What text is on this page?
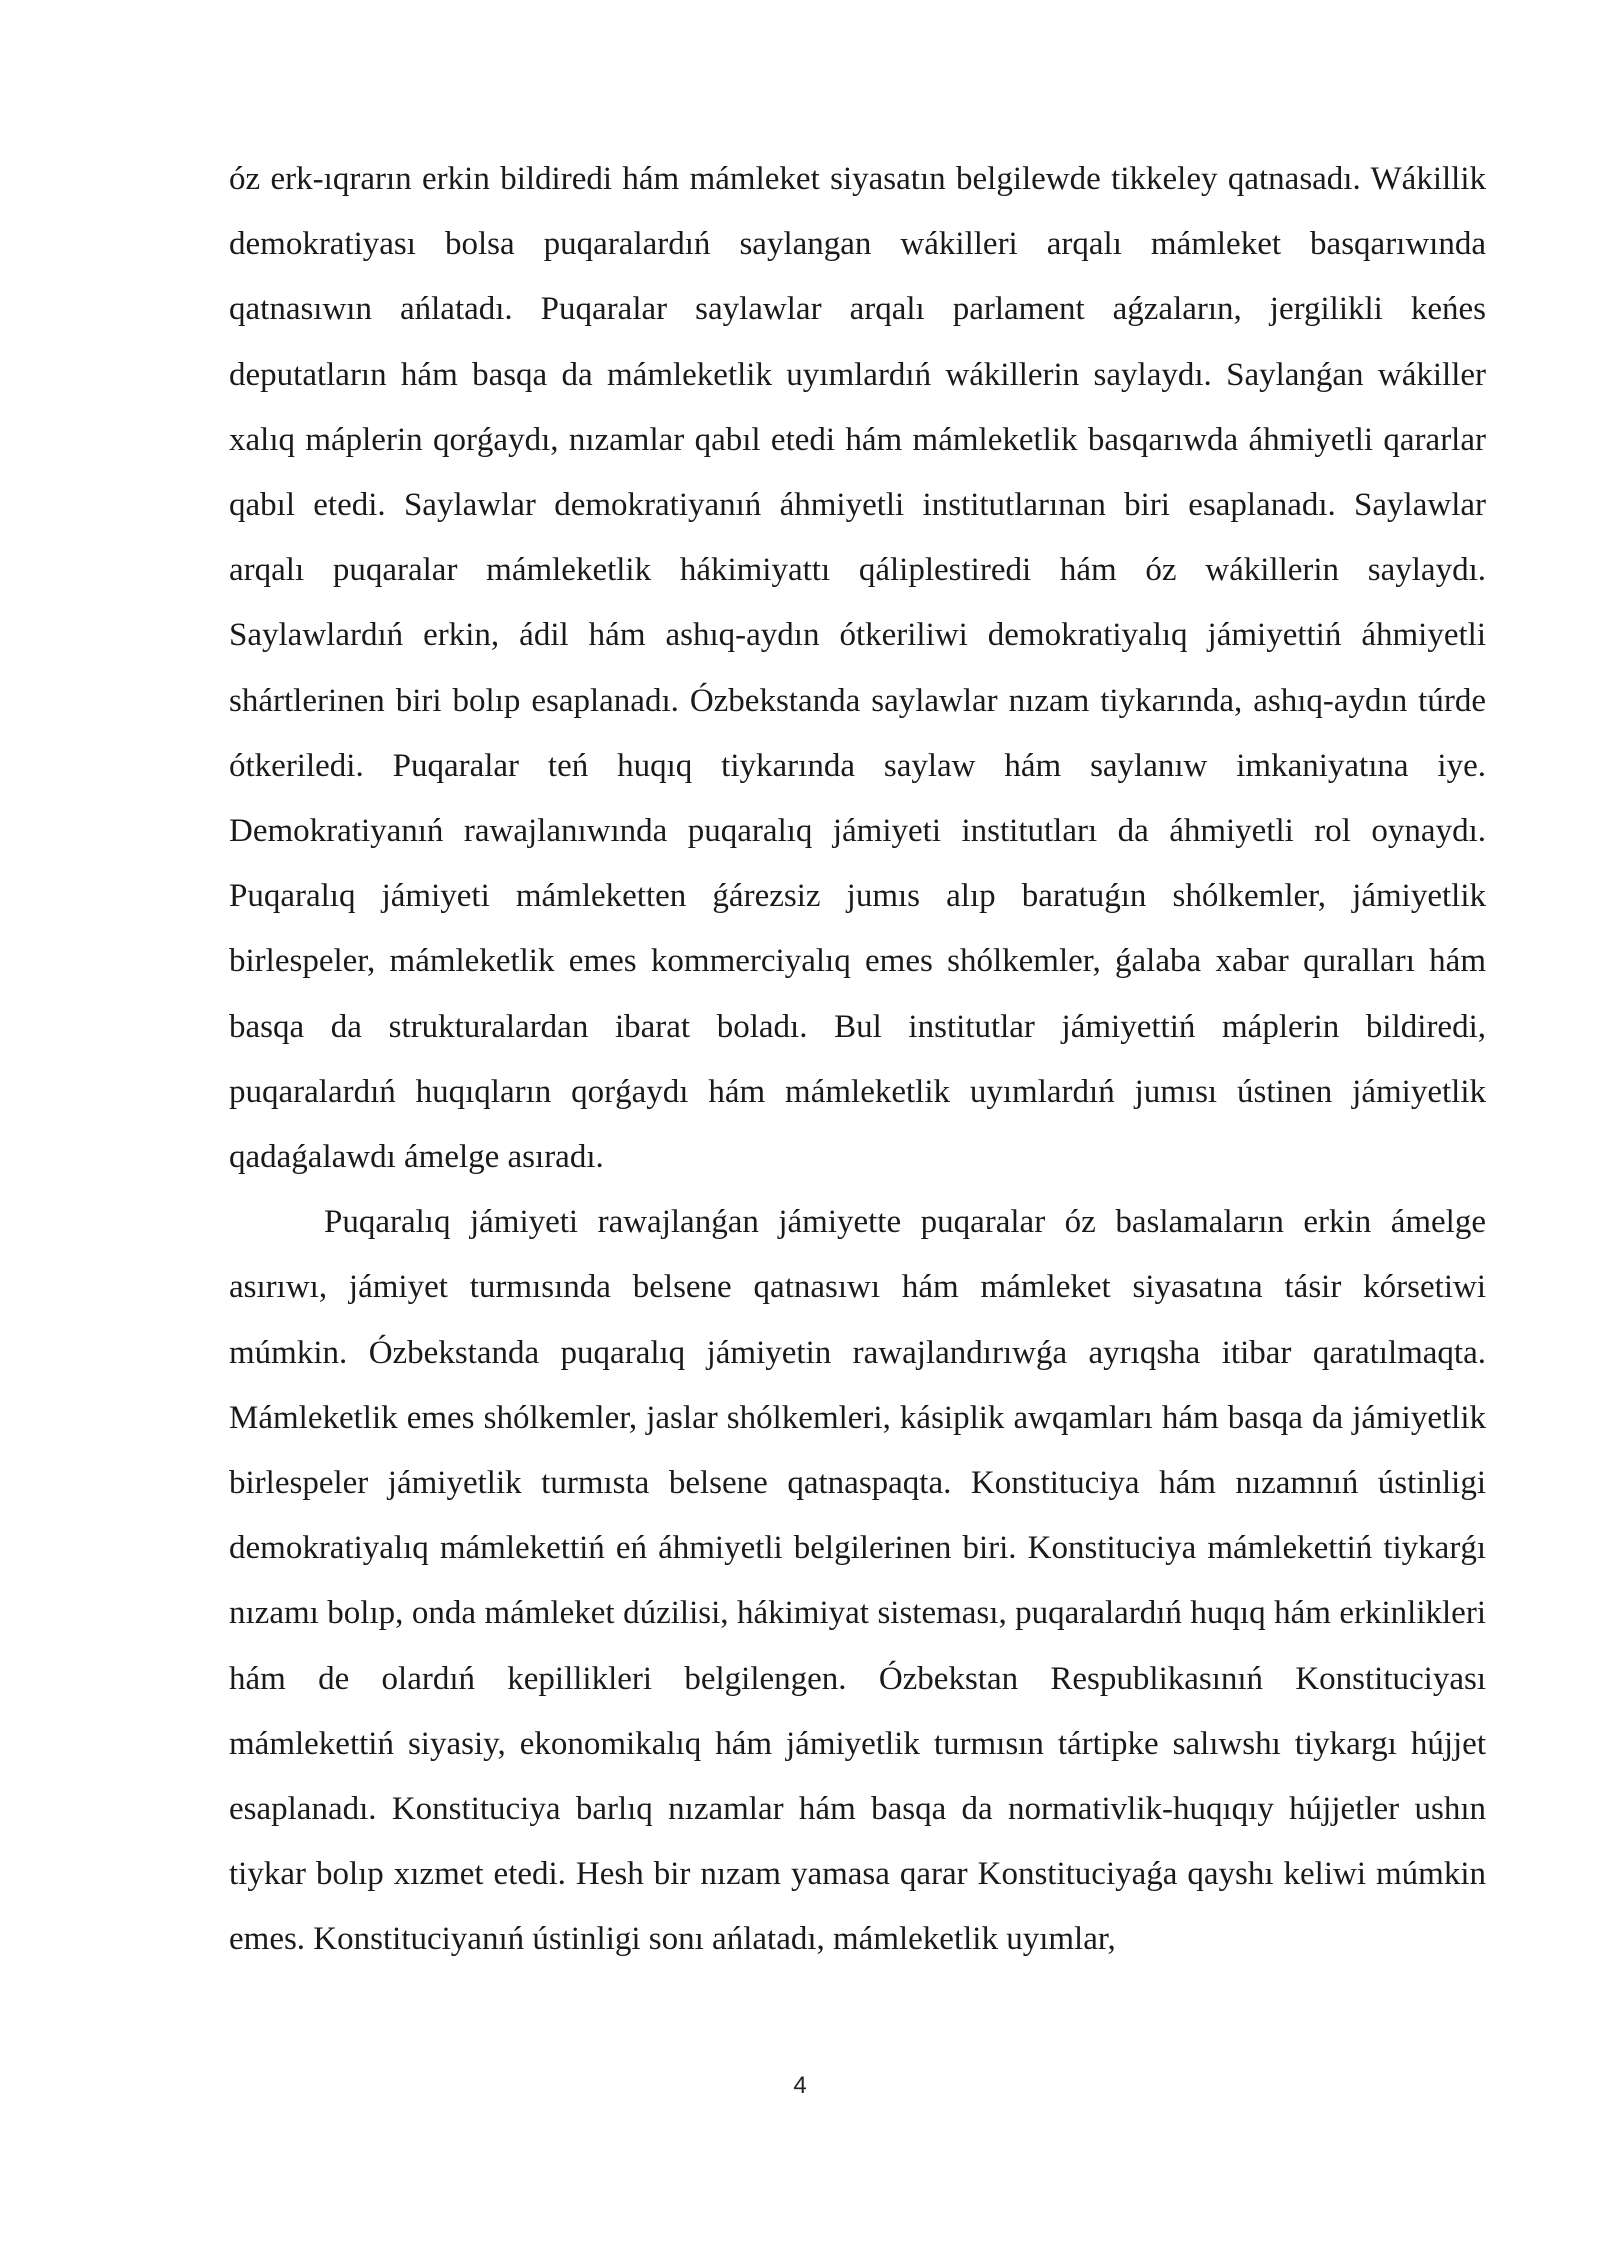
óz erk-ıqrarın erkin bildiredi hám mámleket siyasatın belgilewde tikkeley qatnasadı. Wákillik demokratiyası bolsa puqaralardıń saylangan wákilleri arqalı mámleket basqarıwında qatnasıwın ańlatadı. Puqaralar saylawlar arqalı parlament aǵzaların, jergilikli keńes deputatların hám basqa da mámleketlik uyımlardıń wákillerin saylaydı. Saylanǵan wákiller xalıq máplerin qorǵaydı, nızamlar qabıl etedi hám mámleketlik basqarıwda áhmiyetli qararlar qabıl etedi. Saylawlar demokratiyanıń áhmiyetli institutlarınan biri esaplanadı. Saylawlar arqalı puqaralar mámleketlik hákimiyattı qáliplestiredi hám óz wákillerin saylaydı. Saylawlardıń erkin, ádil hám ashıq-aydın ótkeriliwi demokratiyalıq jámiyettiń áhmiyetli shártlerinen biri bolıp esaplanadı. Ózbekstanda saylawlar nızam tiykarında, ashıq-aydın túrde ótkeriledi. Puqaralar teń huqıq tiykarında saylaw hám saylanıw imkaniyatına iye. Demokratiyanıń rawajlanıwında puqaralıq jámiyeti institutları da áhmiyetli rol oynaydı. Puqaralıq jámiyeti mámleketten ǵárezsiz jumıs alıp baratuǵın shólkemler, jámiyetlik birlespeler, mámleketlik emes kommerciyalıq emes shólkemler, ǵalaba xabar quralları hám basqa da strukturalardan ibarat boladı. Bul institutlar jámiyettiń máplerin bildiredi, puqaralardıń huqıqların qorǵaydı hám mámleketlik uyımlardıń jumısı ústinen jámiyetlik qadaǵalawdı ámelge asıradı.

Puqaralıq jámiyeti rawajlanǵan jámiyette puqaralar óz baslamaların erkin ámelge asırıwı, jámiyet turmısında belsene qatnasıwı hám mámleket siyasatına tásir kórsetiwi múmkin. Ózbekstanda puqaralıq jámiyetin rawajlandırıwǵa ayrıqsha itibar qaratılmaqta. Mámleketlik emes shólkemler, jaslar shólkemleri, kásiplik awqamları hám basqa da jámiyetlik birlespeler jámiyetlik turmısta belsene qatnaspaqta. Konstituciya hám nızamnıń ústinligi demokratiyalıq mámlekettiń eń áhmiyetli belgilerinen biri. Konstituciya mámlekettiń tiykarǵı nızamı bolıp, onda mámleket dúzilisi, hákimiyat sisteması, puqaralardıń huqıq hám erkinlikleri hám de olardıń kepillikleri belgilengen. Ózbekstan Respublikasınıń Konstituciyası mámlekettiń siyasiy, ekonomikalıq hám jámiyetlik turmısın tártipke salıwshı tiykargı hújjet esaplanadı. Konstituciya barlıq nızamlar hám basqa da normativlik-huqıqıy hújjetler ushın tiykar bolıp xızmet etedi. Hesh bir nızam yamasa qarar Konstituciyaǵa qayshı keliwi múmkin emes. Konstituciyanıń ústinligi sonı ańlatadı, mámleketlik uyımlar,

4
